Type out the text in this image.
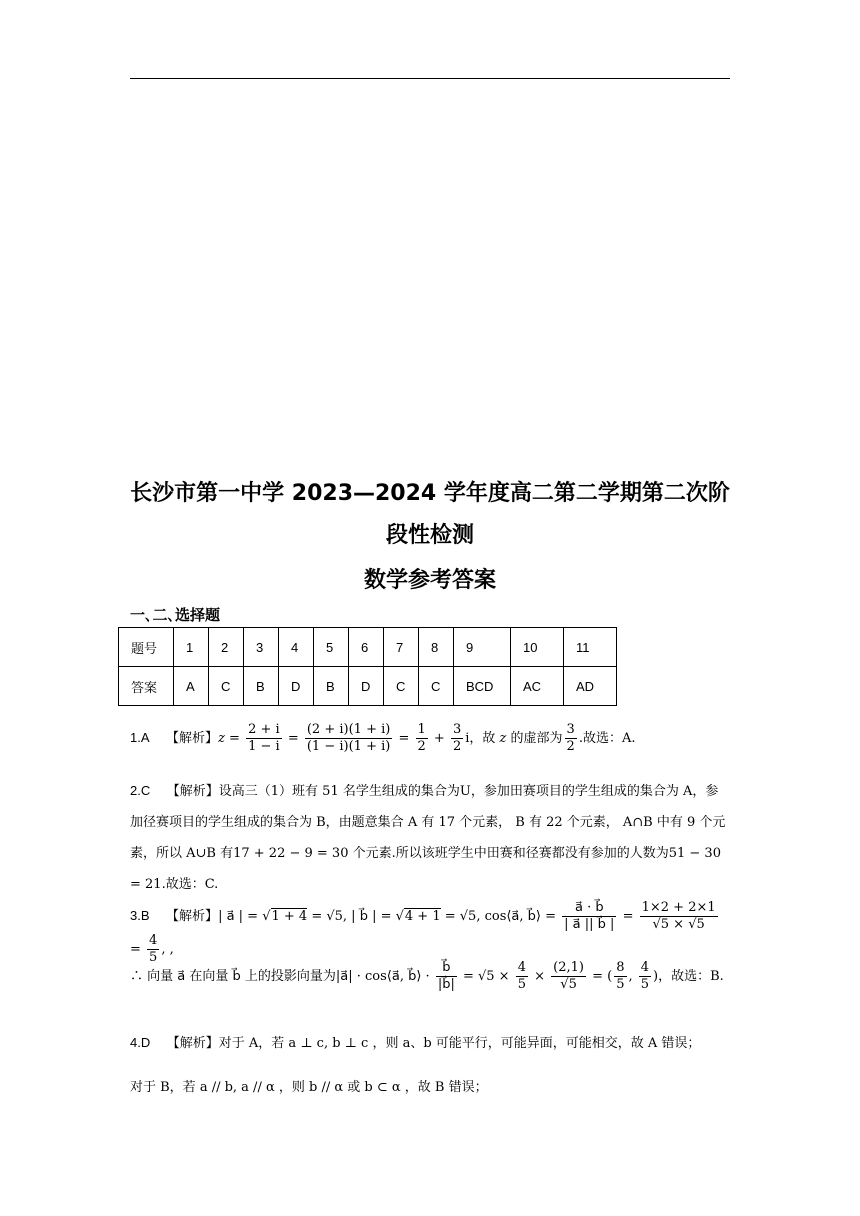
长沙市第一中学 2023—2024 学年度高二第二学期第二次阶
段性检测
数学参考答案
一､二､选择题
题号	1	2	3	4	5	6	7	8	9	10	11
答案	A	C	B	D	B	D	C	C	BCD	AC	AD
1.A 【解析】$z = \frac{2 + i}{1 - i} = \frac{(2 + i)(1 + i)}{(1 - i)(1 + i)} = \frac{1}{2} + \frac{3}{2}$ i，故 z 的虚部为 $\frac{3}{2}$ .故选：A.
2.C 【解析】设高三（1）班有 51 名学生组成的集合为U，参加田赛项目的学生组成的集合为 A，参加径赛项目的学生组成的集合为 B，由题意集合 A 有 17 个元素， B 有 22 个元素， A∩B 中有 9 个元素，所以 A∪B 有17 + 22 − 9 = 30 个元素.所以该班学生中田赛和径赛都没有参加的人数为51 − 30 = 21.故选：C.
3.B 【解析】| a⃗ | = √1 + 4 = √5, | b⃗ | = √4 + 1 = √5, cos⟨a⃗, b⃗⟩ = $\frac{a⃗ \cdot b⃗}{| a⃗ || b⃗ |} = \frac{1\times 2 + 2\times 1}{√5 \times √5}$
= $\frac{4}{5}$ , ,
∴ 向量 a⃗ 在向量 b⃗ 上的投影向量为|a⃗| · cos⟨a⃗, b⃗⟩ · $\frac{b⃗}{|b⃗|} = √5 \times \frac{4}{5} \times \frac{(2,1)}{√5}$ = ( $\frac{8}{5}$ , $\frac{4}{5}$ )，故选：B.
4.D 【解析】对于 A，若 a ⊥ c, b ⊥ c ，则 a、b 可能平行，可能异面，可能相交，故 A 错误；
对于 B，若 a // b, a // α ，则 b // α 或 b ⊂ α ，故 B 错误；
